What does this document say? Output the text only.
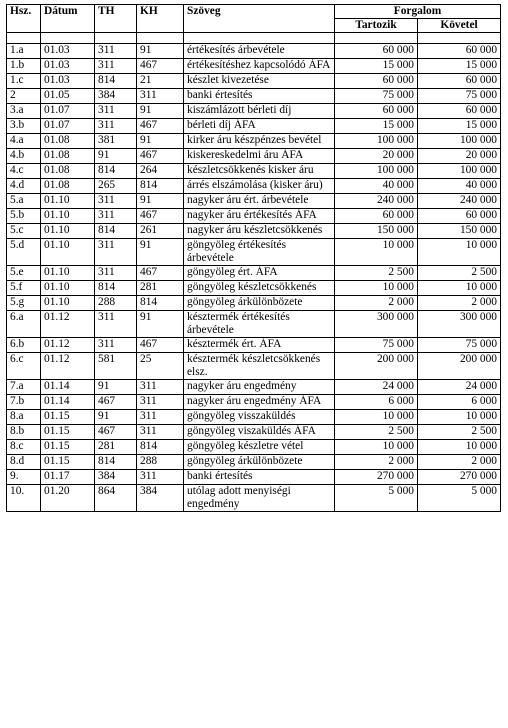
Hsz.	Dátum	TH	KH	Szöveg	Forgalom	
					Tartozik	Követel

1.a	01.03	311	91	értékesítés árbevétele	60 000	60 000
1.b	01.03	311	467	értékesítéshez kapcsolódó ÁFA	15 000	15 000
1.c	01.03	814	21	készlet kivezetése	60 000	60 000
2	01.05	384	311	banki értesítés	75 000	75 000
3.a	01.07	311	91	kiszámlázott bérleti díj	60 000	60 000
3.b	01.07	311	467	bérleti díj ÁFA	15 000	15 000
4.a	01.08	381	91	kirker áru készpénzes bevétel	100 000	100 000
4.b	01.08	91	467	kiskereskedelmi áru ÁFA	20 000	20 000
4.c	01.08	814	264	készletcsökkenés kisker áru	100 000	100 000
4.d	01.08	265	814	árrés elszámolása (kisker áru)	40 000	40 000
5.a	01.10	311	91	nagyker áru ért. árbevétele	240 000	240 000
5.b	01.10	311	467	nagyker áru értékesítés ÁFA	60 000	60 000
5.c	01.10	814	261	nagyker áru készletcsökkenés	150 000	150 000
5.d	01.10	311	91	göngyöleg értékesítés árbevétele	10 000	10 000
5.e	01.10	311	467	göngyöleg ért. ÁFA	2 500	2 500
5.f	01.10	814	281	göngyöleg készletcsökkenés	10 000	10 000
5.g	01.10	288	814	göngyöleg árkülönbözete	2 000	2 000
6.a	01.12	311	91	késztermék értékesítés árbevétele	300 000	300 000
6.b	01.12	311	467	késztermék ért. ÁFA	75 000	75 000
6.c	01.12	581	25	késztermék készletcsökkenés elsz.	200 000	200 000
7.a	01.14	91	311	nagyker áru engedmény	24 000	24 000
7.b	01.14	467	311	nagyker áru engedmény ÁFA	6 000	6 000
8.a	01.15	91	311	göngyöleg visszaküldés	10 000	10 000
8.b	01.15	467	311	göngyöleg viszaküldés ÁFA	2 500	2 500
8.c	01.15	281	814	göngyöleg készletre vétel	10 000	10 000
8.d	01.15	814	288	göngyöleg árkülönbözete	2 000	2 000
9.	01.17	384	311	banki értesítés	270 000	270 000
10.	01.20	864	384	utólag adott menyiségi engedmény	5 000	5 000
